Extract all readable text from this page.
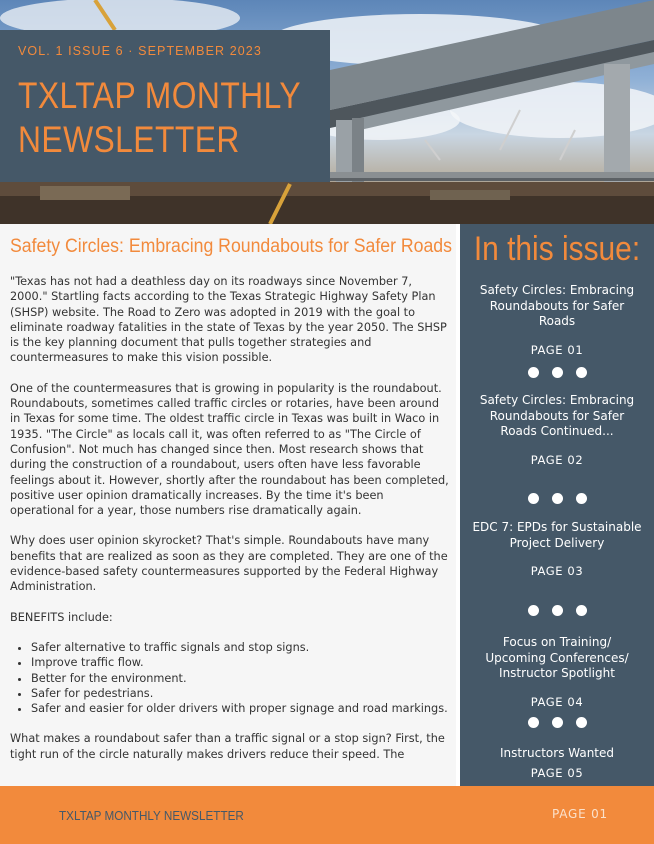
VOL. 1 ISSUE 6 · SEPTEMBER 2023
TXLTAP MONTHLY
NEWSLETTER
Safety Circles: Embracing Roundabouts for Safer Roads

"Texas has not had a deathless day on its roadways since November 7, 2000." Startling facts according to the Texas Strategic Highway Safety Plan (SHSP) website. The Road to Zero was adopted in 2019 with the goal to eliminate roadway fatalities in the state of Texas by the year 2050. The SHSP is the key planning document that pulls together strategies and countermeasures to make this vision possible.

One of the countermeasures that is growing in popularity is the roundabout. Roundabouts, sometimes called traffic circles or rotaries, have been around in Texas for some time. The oldest traffic circle in Texas was built in Waco in 1935. "The Circle" as locals call it, was often referred to as "The Circle of Confusion". Not much has changed since then. Most research shows that during the construction of a roundabout, users often have less favorable feelings about it. However, shortly after the roundabout has been completed, positive user opinion dramatically increases. By the time it's been operational for a year, those numbers rise dramatically again.

Why does user opinion skyrocket? That's simple. Roundabouts have many benefits that are realized as soon as they are completed. They are one of the evidence-based safety countermeasures supported by the Federal Highway Administration.

BENEFITS include:

• Safer alternative to traffic signals and stop signs.
• Improve traffic flow.
• Better for the environment.
• Safer for pedestrians.
• Safer and easier for older drivers with proper signage and road markings.

What makes a roundabout safer than a traffic signal or a stop sign? First, the tight run of the circle naturally makes drivers reduce their speed. The

In this issue:
Safety Circles: Embracing Roundabouts for Safer Roads
PAGE 01
Safety Circles: Embracing Roundabouts for Safer Roads Continued...
PAGE 02
EDC 7: EPDs for Sustainable Project Delivery
PAGE 03
Focus on Training/ Upcoming Conferences/ Instructor Spotlight
PAGE 04
Instructors Wanted
PAGE 05
TXLTAP MONTHLY NEWSLETTER	PAGE 01
